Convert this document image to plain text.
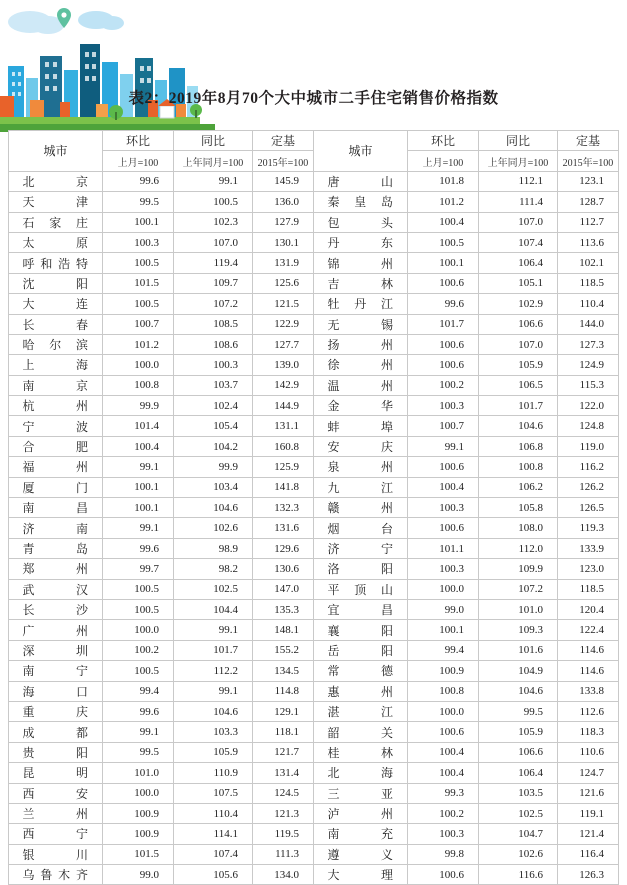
表2：2019年8月70个大中城市二手住宅销售价格指数
城市	环比	同比	定基	城市	环比	同比	定基
	上月=100	上年同月=100	2015年=100		上月=100	上年同月=100	2015年=100
北 京	99.6	99.1	145.9	唐 山	101.8	112.1	123.1
天 津	99.5	100.5	136.0	秦皇岛	101.2	111.4	128.7
石家庄	100.1	102.3	127.9	包 头	100.4	107.0	112.7
太 原	100.3	107.0	130.1	丹 东	100.5	107.4	113.6
呼和浩特	100.5	119.4	131.9	锦 州	100.1	106.4	102.1
沈 阳	101.5	109.7	125.6	吉 林	100.6	105.1	118.5
大 连	100.5	107.2	121.5	牡丹江	99.6	102.9	110.4
长 春	100.7	108.5	122.9	无 锡	101.7	106.6	144.0
哈尔滨	101.2	108.6	127.7	扬 州	100.6	107.0	127.3
上 海	100.0	100.3	139.0	徐 州	100.6	105.9	124.9
南 京	100.8	103.7	142.9	温 州	100.2	106.5	115.3
杭 州	99.9	102.4	144.9	金 华	100.3	101.7	122.0
宁 波	101.4	105.4	131.1	蚌 埠	100.7	104.6	124.8
合 肥	100.4	104.2	160.8	安 庆	99.1	106.8	119.0
福 州	99.1	99.9	125.9	泉 州	100.6	100.8	116.2
厦 门	100.1	103.4	141.8	九 江	100.4	106.2	126.2
南 昌	100.1	104.6	132.3	赣 州	100.3	105.8	126.5
济 南	99.1	102.6	131.6	烟 台	100.6	108.0	119.3
青 岛	99.6	98.9	129.6	济 宁	101.1	112.0	133.9
郑 州	99.7	98.2	130.6	洛 阳	100.3	109.9	123.0
武 汉	100.5	102.5	147.0	平顶山	100.0	107.2	118.5
长 沙	100.5	104.4	135.3	宜 昌	99.0	101.0	120.4
广 州	100.0	99.1	148.1	襄 阳	100.1	109.3	122.4
深 圳	100.2	101.7	155.2	岳 阳	99.4	101.6	114.6
南 宁	100.5	112.2	134.5	常 德	100.9	104.9	114.6
海 口	99.4	99.1	114.8	惠 州	100.8	104.6	133.8
重 庆	99.6	104.6	129.1	湛 江	100.0	99.5	112.6
成 都	99.1	103.3	118.1	韶 关	100.6	105.9	118.3
贵 阳	99.5	105.9	121.7	桂 林	100.4	106.6	110.6
昆 明	101.0	110.9	131.4	北 海	100.4	106.4	124.7
西 安	100.0	107.5	124.5	三 亚	99.3	103.5	121.6
兰 州	100.9	110.4	121.3	泸 州	100.2	102.5	119.1
西 宁	100.9	114.1	119.5	南 充	100.3	104.7	121.4
银 川	101.5	107.4	111.3	遵 义	99.8	102.6	116.4
乌鲁木齐	99.0	105.6	134.0	大 理	100.6	116.6	126.3
